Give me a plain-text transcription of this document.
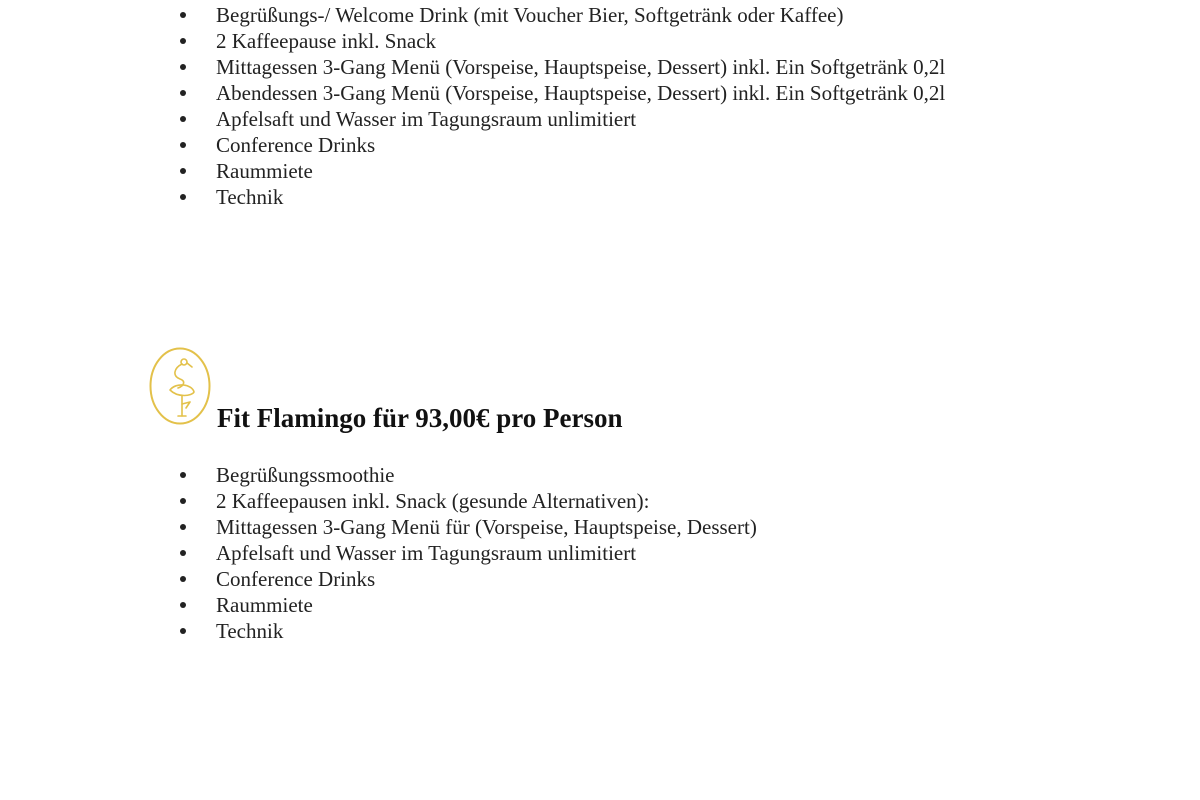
Begrüßungs-/ Welcome Drink (mit Voucher Bier, Softgetränk oder Kaffee)
2 Kaffeepause inkl. Snack
Mittagessen 3-Gang Menü (Vorspeise, Hauptspeise, Dessert) inkl. Ein Softgetränk 0,2l
Abendessen 3-Gang Menü (Vorspeise, Hauptspeise, Dessert) inkl. Ein Softgetränk 0,2l
Apfelsaft und Wasser im Tagungsraum unlimitiert
Conference Drinks
Raummiete
Technik
Fit Flamingo für 93,00€ pro Person
Begrüßungssmoothie
2 Kaffeepausen inkl. Snack (gesunde Alternativen):
Mittagessen 3-Gang Menü für (Vorspeise, Hauptspeise, Dessert)
Apfelsaft und Wasser im Tagungsraum unlimitiert
Conference Drinks
Raummiete
Technik
